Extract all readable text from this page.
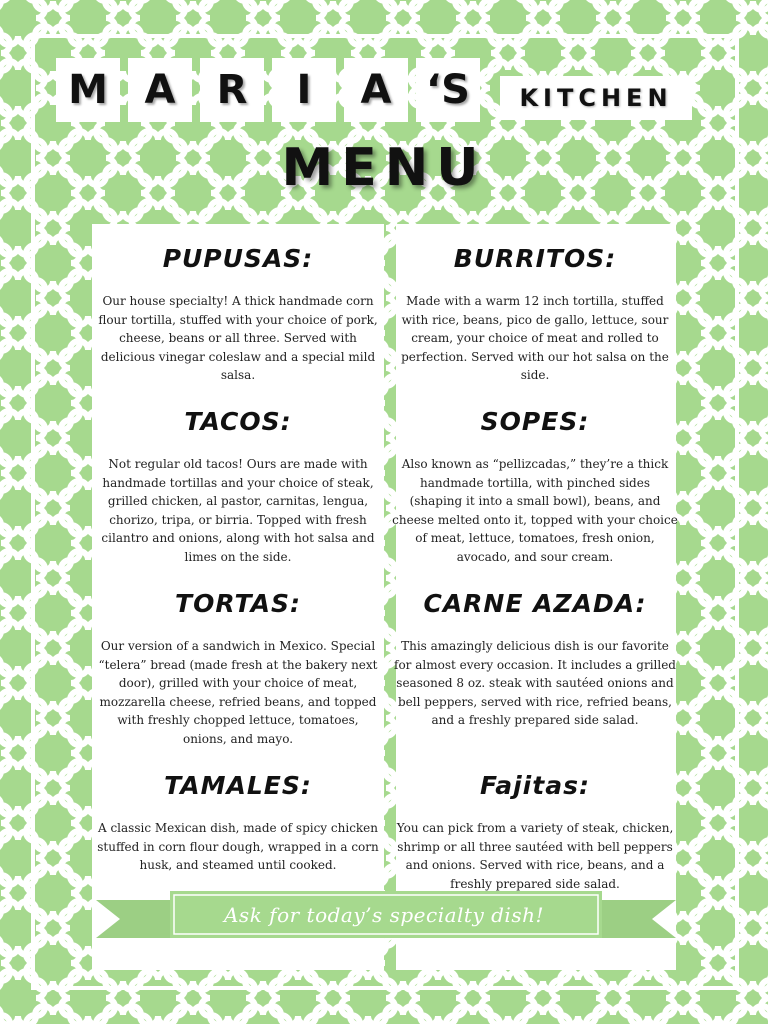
M A	R	I	A ‘S	KITCHEN
MENU
PUPUSAS:

Our house specialty! A thick handmade corn flour tortilla, stuffed with your choice of pork, cheese, beans or all three. Served with delicious vinegar coleslaw and a special mild salsa.

TACOS:

Not regular old tacos! Ours are made with handmade tortillas and your choice of steak, grilled chicken, al pastor, carnitas, lengua, chorizo, tripa, or birria. Topped with fresh cilantro and onions, along with hot salsa and limes on the side.

TORTAS:

Our version of a sandwich in Mexico. Special “telera” bread (made fresh at the bakery next door), grilled with your choice of meat, mozzarella cheese, refried beans, and topped with freshly chopped lettuce, tomatoes, onions, and mayo.

TAMALES:

A classic Mexican dish, made of spicy chicken stuffed in corn flour dough, wrapped in a corn husk, and steamed until cooked.

BURRITOS:

Made with a warm 12 inch tortilla, stuffed with rice, beans, pico de gallo, lettuce, sour cream, your choice of meat and rolled to perfection. Served with our hot salsa on the side.

SOPES:

Also known as “pellizcadas,” they’re a thick handmade tortilla, with pinched sides (shaping it into a small bowl), beans, and cheese melted onto it, topped with your choice of meat, lettuce, tomatoes, fresh onion, avocado, and sour cream.

CARNE AZADA:

This amazingly delicious dish is our favorite for almost every occasion. It includes a grilled seasoned 8 oz. steak with sautéed onions and bell peppers, served with rice, refried beans, and a freshly prepared side salad.

Fajitas:

You can pick from a variety of steak, chicken, shrimp or all three sautéed with bell peppers and onions. Served with rice, beans, and a freshly prepared side salad.

Ask for today’s specialty dish!
